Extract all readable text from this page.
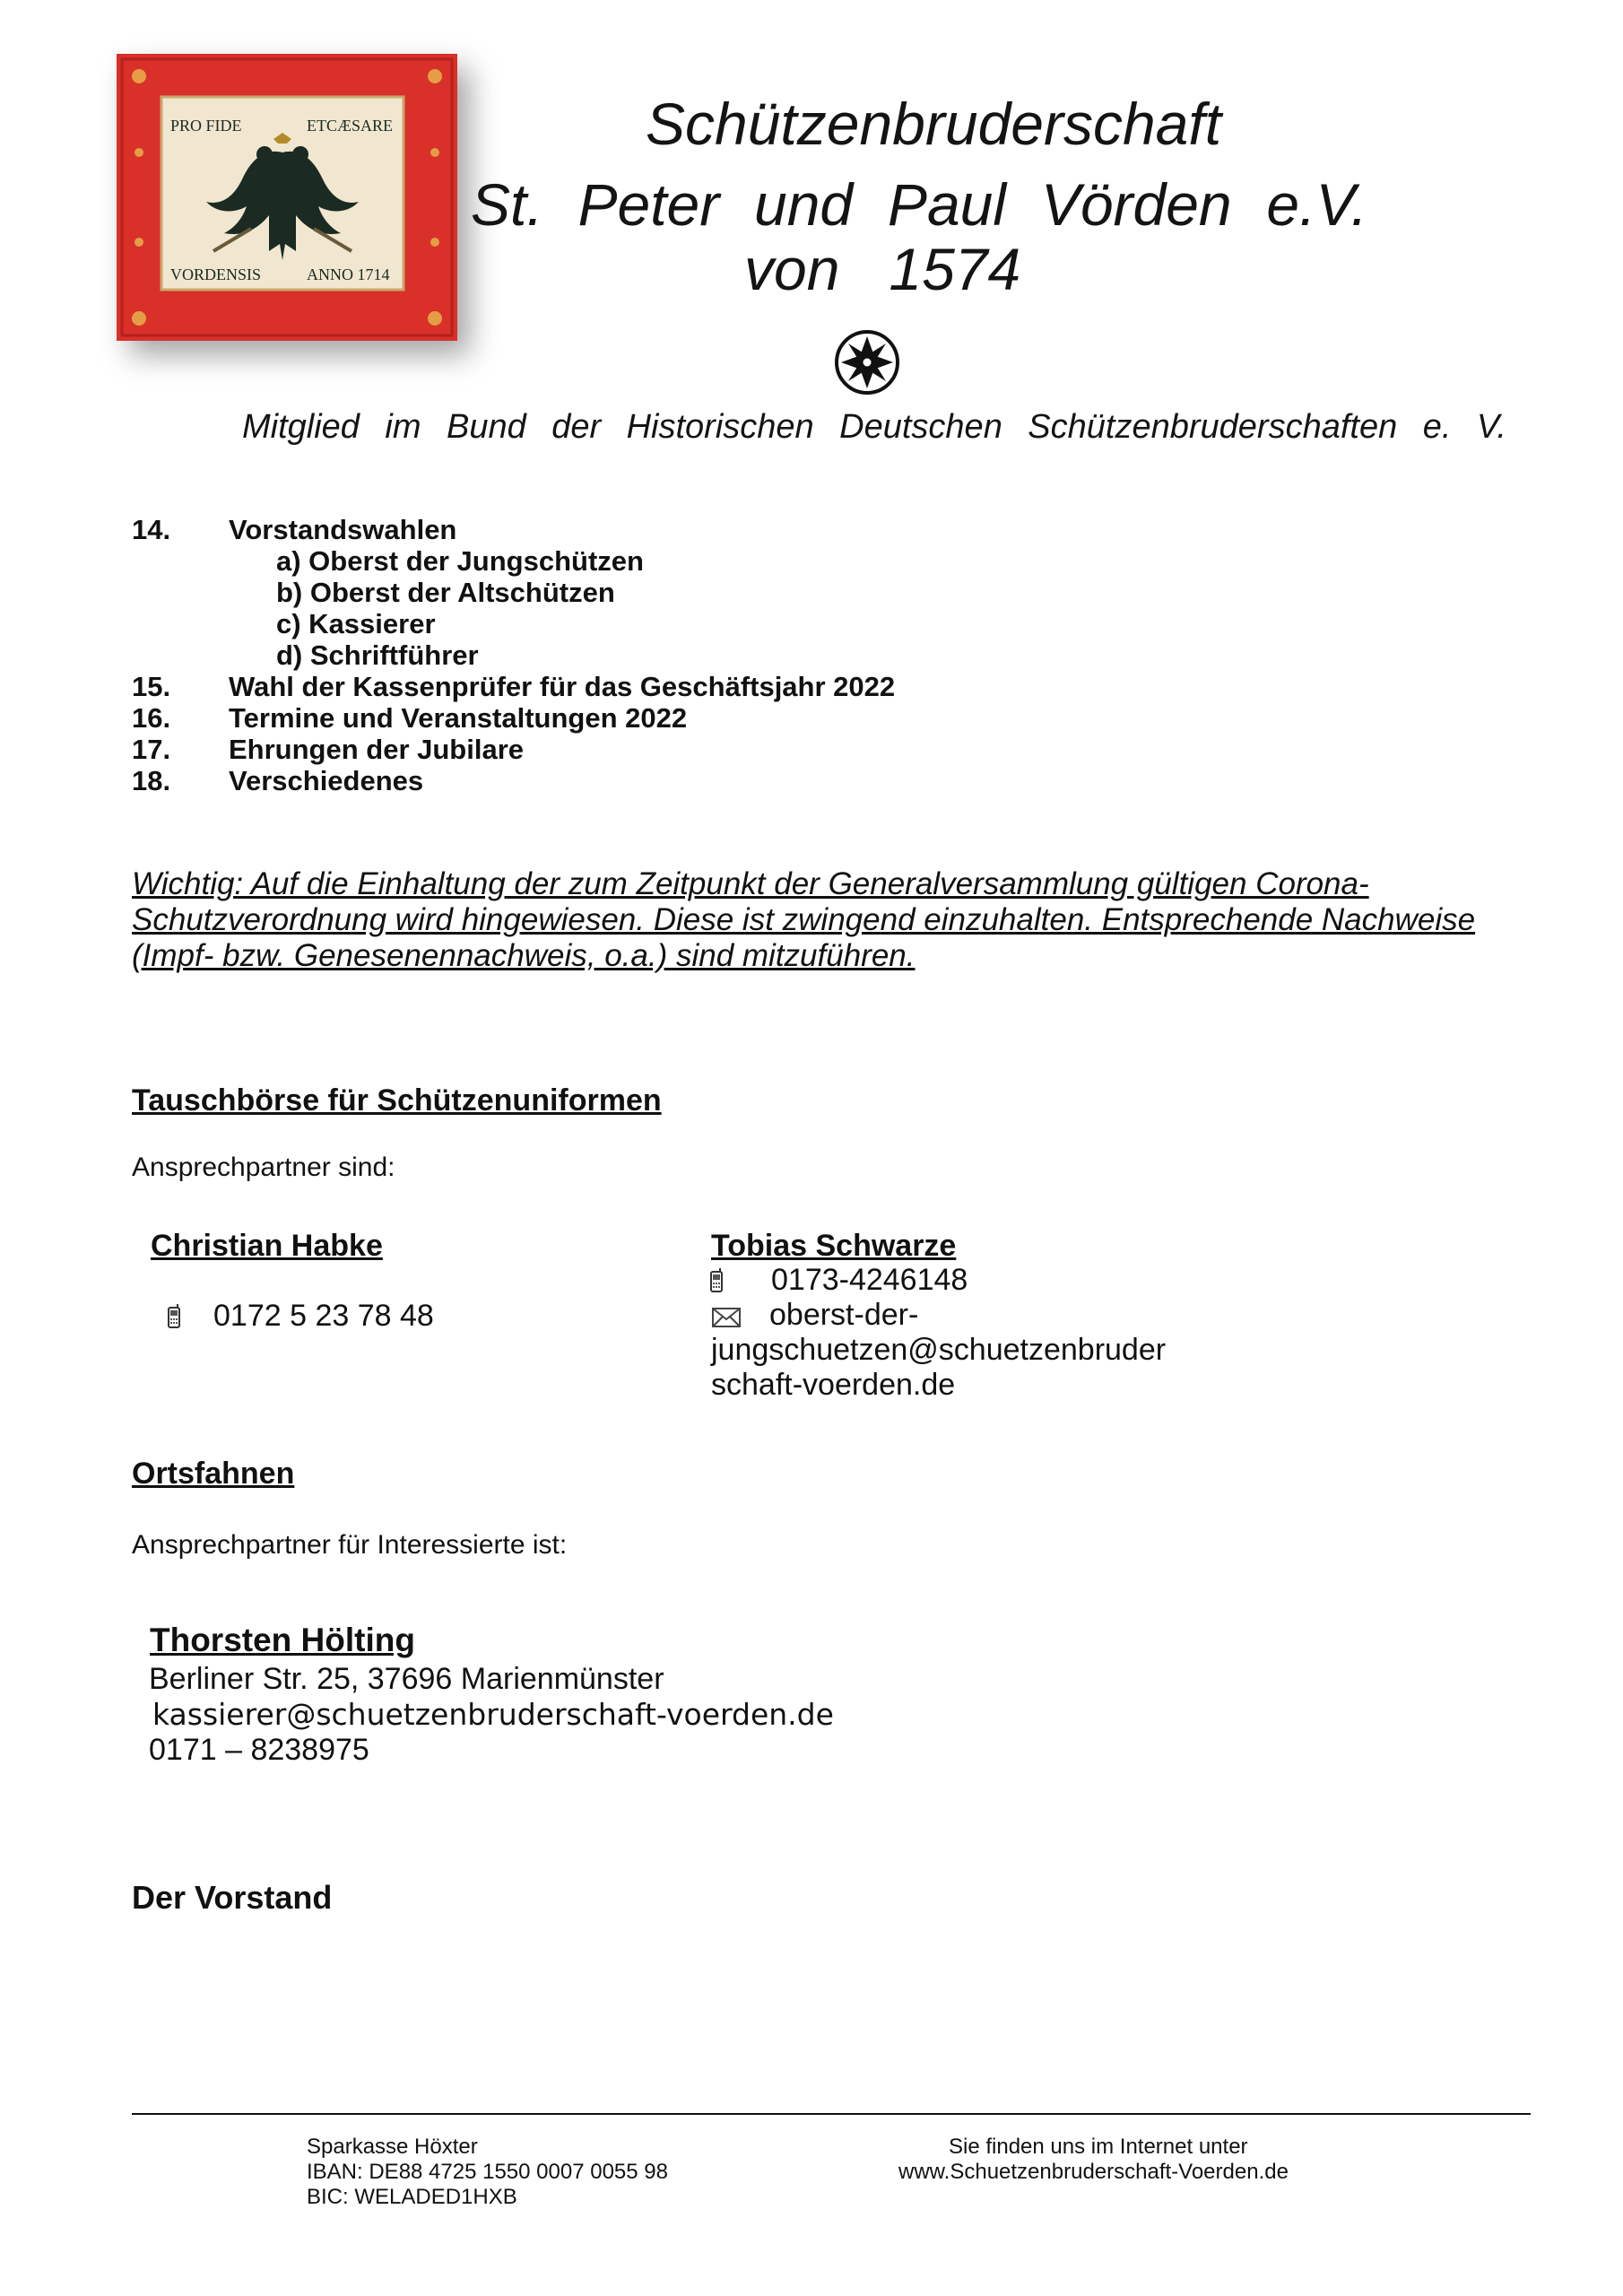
PRO FIDE	ETCÆSARE
VORDENSIS	ANNO 1714
Schützenbruderschaft
St. Peter und Paul Vörden e.V.
von   1574
Mitglied im Bund der Historischen Deutschen Schützenbruderschaften e. V.
14. Vorstandswahlen
a) Oberst der Jungschützen
b) Oberst der Altschützen
c) Kassierer
d) Schriftführer
15. Wahl der Kassenprüfer für das Geschäftsjahr 2022
16. Termine und Veranstaltungen 2022
17. Ehrungen der Jubilare
18. Verschiedenes
Wichtig: Auf die Einhaltung der zum Zeitpunkt der Generalversammlung gültigen Corona-
Schutzverordnung wird hingewiesen. Diese ist zwingend einzuhalten. Entsprechende Nachweise
(Impf- bzw. Genesenennachweis, o.a.) sind mitzuführen.
Tauschbörse für Schützenuniformen
Ansprechpartner sind:
Christian Habke
0172 5 23 78 48
Tobias Schwarze
0173-4246148
oberst-der-
jungschuetzen@schuetzenbruder
schaft-voerden.de
Ortsfahnen
Ansprechpartner für Interessierte ist:
Thorsten Hölting
Berliner Str. 25, 37696 Marienmünster
kassierer@schuetzenbruderschaft-voerden.de
0171 – 8238975
Der Vorstand
Sparkasse Höxter
IBAN: DE88 4725 1550 0007 0055 98
BIC: WELADED1HXB
Sie finden uns im Internet unter
www.Schuetzenbruderschaft-Voerden.de
